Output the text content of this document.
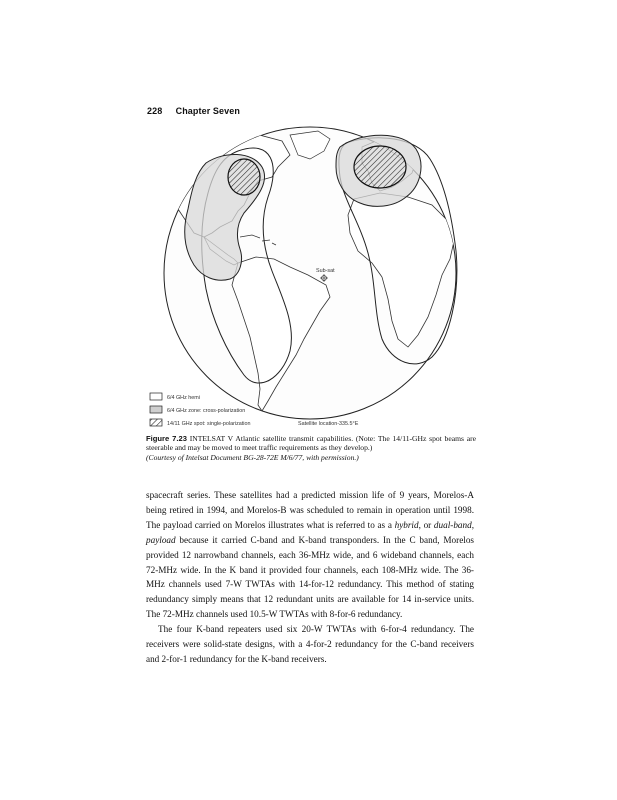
228 Chapter Seven
Sub-sat
6/4 GHz hemi
6/4 GHz zone: cross-polarization
14/11 GHz spot: single-polarization	Satellite location-335.5°E
Figure 7.23 INTELSAT V Atlantic satellite transmit capabilities. (Note: The 14/11-GHz spot beams are steerable and may be moved to meet traffic requirements as they develop.)
(Courtesy of Intelsat Document BG-28-72E M/6/77, with permission.)

spacecraft series. These satellites had a predicted mission life of 9 years, Morelos-A being retired in 1994, and Morelos-B was scheduled to remain in operation until 1998. The payload carried on Morelos illustrates what is referred to as a hybrid, or dual-band, payload because it carried C-band and K-band transponders. In the C band, Morelos provided 12 narrowband channels, each 36-MHz wide, and 6 wideband channels, each 72-MHz wide. In the K band it provided four channels, each 108-MHz wide. The 36-MHz channels used 7-W TWTAs with 14-for-12 redundancy. This method of stating redundancy simply means that 12 redundant units are available for 14 in-service units. The 72-MHz channels used 10.5-W TWTAs with 8-for-6 redundancy.

The four K-band repeaters used six 20-W TWTAs with 6-for-4 redundancy. The receivers were solid-state designs, with a 4-for-2 redundancy for the C-band receivers and 2-for-1 redundancy for the K-band receivers.
